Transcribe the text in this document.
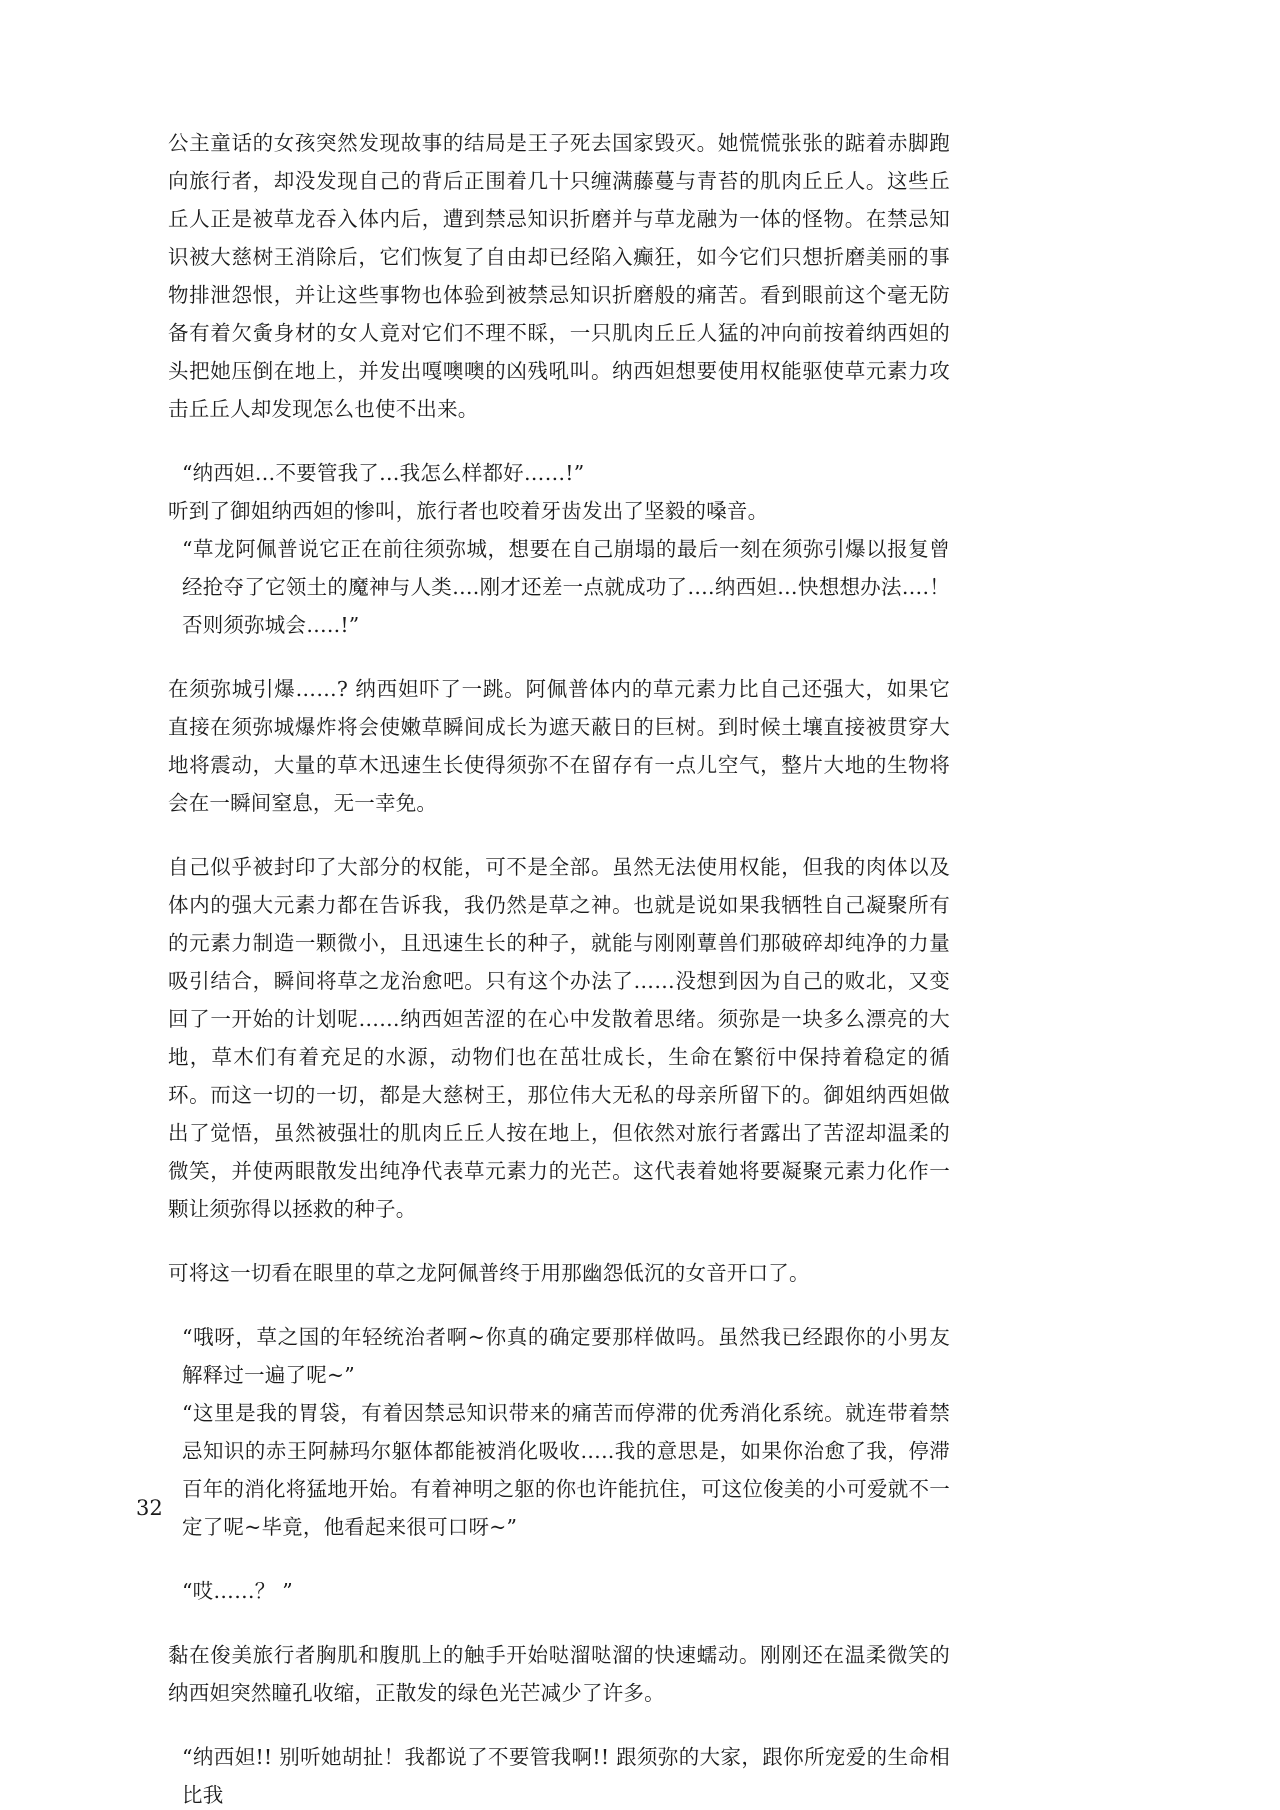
公主童话的女孩突然发现故事的结局是王子死去国家毁灭。她慌慌张张的踮着赤脚跑向旅行者，却没发现自己的背后正围着几十只缠满藤蔓与青苔的肌肉丘丘人。这些丘丘人正是被草龙吞入体内后，遭到禁忌知识折磨并与草龙融为一体的怪物。在禁忌知识被大慈树王消除后，它们恢复了自由却已经陷入癫狂，如今它们只想折磨美丽的事物排泄怨恨，并让这些事物也体验到被禁忌知识折磨般的痛苦。看到眼前这个毫无防备有着欠夤身材的女人竟对它们不理不睬，一只肌肉丘丘人猛的冲向前按着纳西妲的头把她压倒在地上，并发出嘎噢噢的凶残吼叫。纳西妲想要使用权能驱使草元素力攻击丘丘人却发现怎么也使不出来。

“纳西妲…不要管我了…我怎么样都好……!”

听到了御姐纳西妲的惨叫，旅行者也咬着牙齿发出了坚毅的嗓音。

“草龙阿佩普说它正在前往须弥城，想要在自己崩塌的最后一刻在须弥引爆以报复曾经抢夺了它领土的魔神与人类….刚才还差一点就成功了….纳西妲…快想想办法….！否则须弥城会…..!”

在须弥城引爆……? 纳西妲吓了一跳。阿佩普体内的草元素力比自己还强大，如果它直接在须弥城爆炸将会使嫩草瞬间成长为遮天蔽日的巨树。到时候土壤直接被贯穿大地将震动，大量的草木迅速生长使得须弥不在留存有一点儿空气，整片大地的生物将会在一瞬间窒息，无一幸免。

自己似乎被封印了大部分的权能，可不是全部。虽然无法使用权能，但我的肉体以及体内的强大元素力都在告诉我，我仍然是草之神。也就是说如果我牺牲自己凝聚所有的元素力制造一颗微小，且迅速生长的种子，就能与刚刚蕈兽们那破碎却纯净的力量吸引结合，瞬间将草之龙治愈吧。只有这个办法了……没想到因为自己的败北，又变回了一开始的计划呢……纳西妲苦涩的在心中发散着思绪。须弥是一块多么漂亮的大地，草木们有着充足的水源，动物们也在茁壮成长，生命在繁衍中保持着稳定的循环。而这一切的一切，都是大慈树王，那位伟大无私的母亲所留下的。御姐纳西妲做出了觉悟，虽然被强壮的肌肉丘丘人按在地上，但依然对旅行者露出了苦涩却温柔的微笑，并使两眼散发出纯净代表草元素力的光芒。这代表着她将要凝聚元素力化作一颗让须弥得以拯救的种子。

可将这一切看在眼里的草之龙阿佩普终于用那幽怨低沉的女音开口了。

“哦呀，草之国的年轻统治者啊~你真的确定要那样做吗。虽然我已经跟你的小男友解释过一遍了呢~”

“这里是我的胃袋，有着因禁忌知识带来的痛苦而停滞的优秀消化系统。就连带着禁忌知识的赤王阿赫玛尔躯体都能被消化吸收…..我的意思是，如果你治愈了我，停滞百年的消化将猛地开始。有着神明之躯的你也许能抗住，可这位俊美的小可爱就不一定了呢~毕竟，他看起来很可口呀~”

“哎……？ ”

黏在俊美旅行者胸肌和腹肌上的触手开始哒溜哒溜的快速蠕动。刚刚还在温柔微笑的纳西妲突然瞳孔收缩，正散发的绿色光芒减少了许多。

“纳西妲!! 别听她胡扯！我都说了不要管我啊!! 跟须弥的大家，跟你所宠爱的生命相比我

32
